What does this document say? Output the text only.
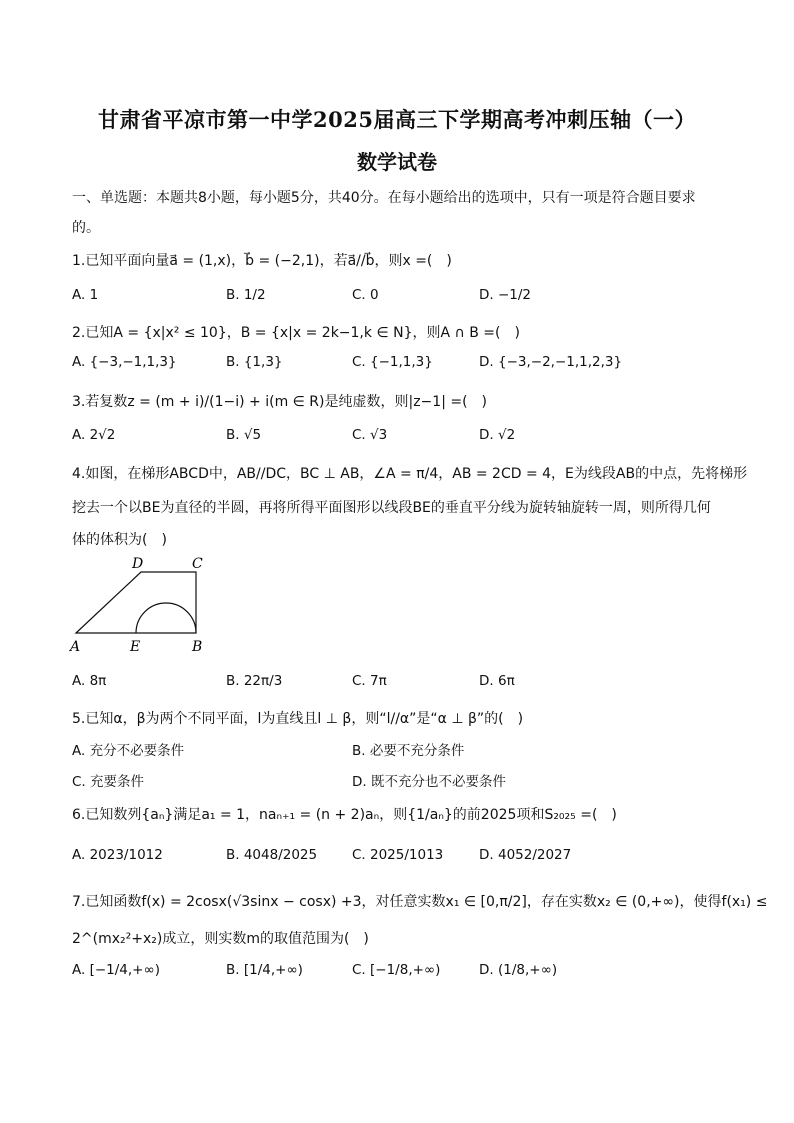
甘肃省平凉市第一中学2025届高三下学期高考冲刺压轴（一）
数学试卷
一、单选题：本题共8小题，每小题5分，共40分。在每小题给出的选项中，只有一项是符合题目要求
的。
1.已知平面向量a⃗ = (1,x)，b⃗ = (−2,1)，若a⃗//b⃗，则x =(　)
A. 1	B. 1/2	C. 0	D. −1/2
2.已知A = {x|x² ≤ 10}，B = {x|x = 2k−1,k ∈ N}，则A ∩ B =(　)
A. {−3,−1,1,3}	B. {1,3}	C. {−1,1,3}	D. {−3,−2,−1,1,2,3}
3.若复数z = (m + i)/(1−i) + i(m ∈ R)是纯虚数，则|z−1| =(　)
A. 2√2	B. √5	C. √3	D. √2
4.如图，在梯形ABCD中，AB//DC，BC ⊥ AB，∠A = π/4，AB = 2CD = 4，E为线段AB的中点，先将梯形
挖去一个以BE为直径的半圆，再将所得平面图形以线段BE的垂直平分线为旋转轴旋转一周，则所得几何
体的体积为(　)
A	E	B
D	C
A. 8π	B. 22π/3	C. 7π	D. 6π
5.已知α，β为两个不同平面，l为直线且l ⊥ β，则“l//α”是“α ⊥ β”的(　)
A. 充分不必要条件	B. 必要不充分条件
C. 充要条件	D. 既不充分也不必要条件
6.已知数列{aₙ}满足a₁ = 1，naₙ₊₁ = (n + 2)aₙ，则{1/aₙ}的前2025项和S₂₀₂₅ =(　)
A. 2023/1012	B. 4048/2025	C. 2025/1013	D. 4052/2027
7.已知函数f(x) = 2cosx(√3sinx − cosx) +3，对任意实数x₁ ∈ [0,π/2]，存在实数x₂ ∈ (0,+∞)，使得f(x₁) ≤
2^(mx₂²+x₂)成立，则实数m的取值范围为(　)
A. [−1/4,+∞)	B. [1/4,+∞)	C. [−1/8,+∞)	D. (1/8,+∞)
